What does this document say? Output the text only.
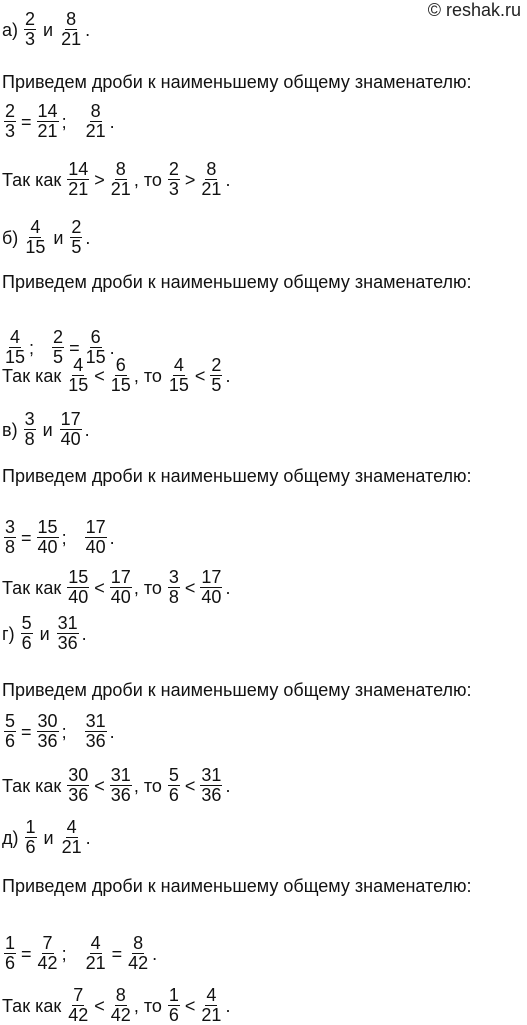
© reshak.ru
$а) \frac{2}{3}$ и $\frac{8}{21}$ .
Приведем дроби к наименьшему общему знаменателю:
$\frac{2}{3} = \frac{14}{21}$ ; $\frac{8}{21}$ .
Так как $\frac{14}{21} > \frac{8}{21}$ , то $\frac{2}{3} > \frac{8}{21}$ .
$б) \frac{4}{15}$ и $\frac{2}{5}$ .
Приведем дроби к наименьшему общему знаменателю:
$\frac{4}{15}$ ; $\frac{2}{5} = \frac{6}{15}$ .
Так как $\frac{4}{15} < \frac{6}{15}$ , то $\frac{4}{15} < \frac{2}{5}$ .
$в) \frac{3}{8}$ и $\frac{17}{40}$ .
Приведем дроби к наименьшему общему знаменателю:
$\frac{3}{8} = \frac{15}{40}$ ; $\frac{17}{40}$ .
Так как $\frac{15}{40} < \frac{17}{40}$ , то $\frac{3}{8} < \frac{17}{40}$ .
$г) \frac{5}{6}$ и $\frac{31}{36}$ .
Приведем дроби к наименьшему общему знаменателю:
$\frac{5}{6} = \frac{30}{36}$ ; $\frac{31}{36}$ .
Так как $\frac{30}{36} < \frac{31}{36}$ , то $\frac{5}{6} < \frac{31}{36}$ .
$д) \frac{1}{6}$ и $\frac{4}{21}$ .
Приведем дроби к наименьшему общему знаменателю:
$\frac{1}{6} = \frac{7}{42}$ ; $\frac{4}{21} = \frac{8}{42}$ .
Так как $\frac{7}{42} < \frac{8}{42}$ , то $\frac{1}{6} < \frac{4}{21}$ .
